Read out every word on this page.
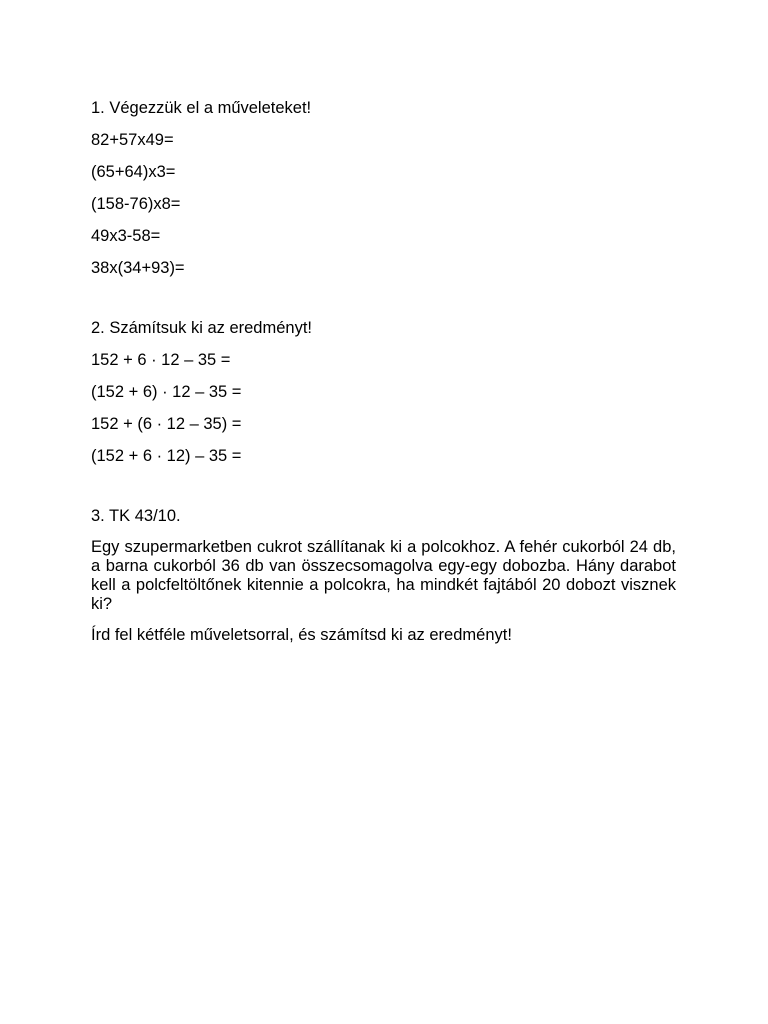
1. Végezzük el a műveleteket!

82+57x49=

(65+64)x3=

(158-76)x8=

49x3-58=

38x(34+93)=

2. Számítsuk ki az eredményt!

152 + 6 · 12 – 35 =

(152 + 6) · 12 – 35 =

152 + (6 · 12 – 35) =

(152 + 6 · 12) – 35 =

3. TK 43/10.

Egy szupermarketben cukrot szállítanak ki a polcokhoz. A fehér cukorból 24 db, a barna cukorból 36 db van összecsomagolva egy-egy dobozba. Hány darabot kell a polcfeltöltőnek kitennie a polcokra, ha mindkét fajtából 20 dobozt visznek ki?

Írd fel kétféle műveletsorral, és számítsd ki az eredményt!
